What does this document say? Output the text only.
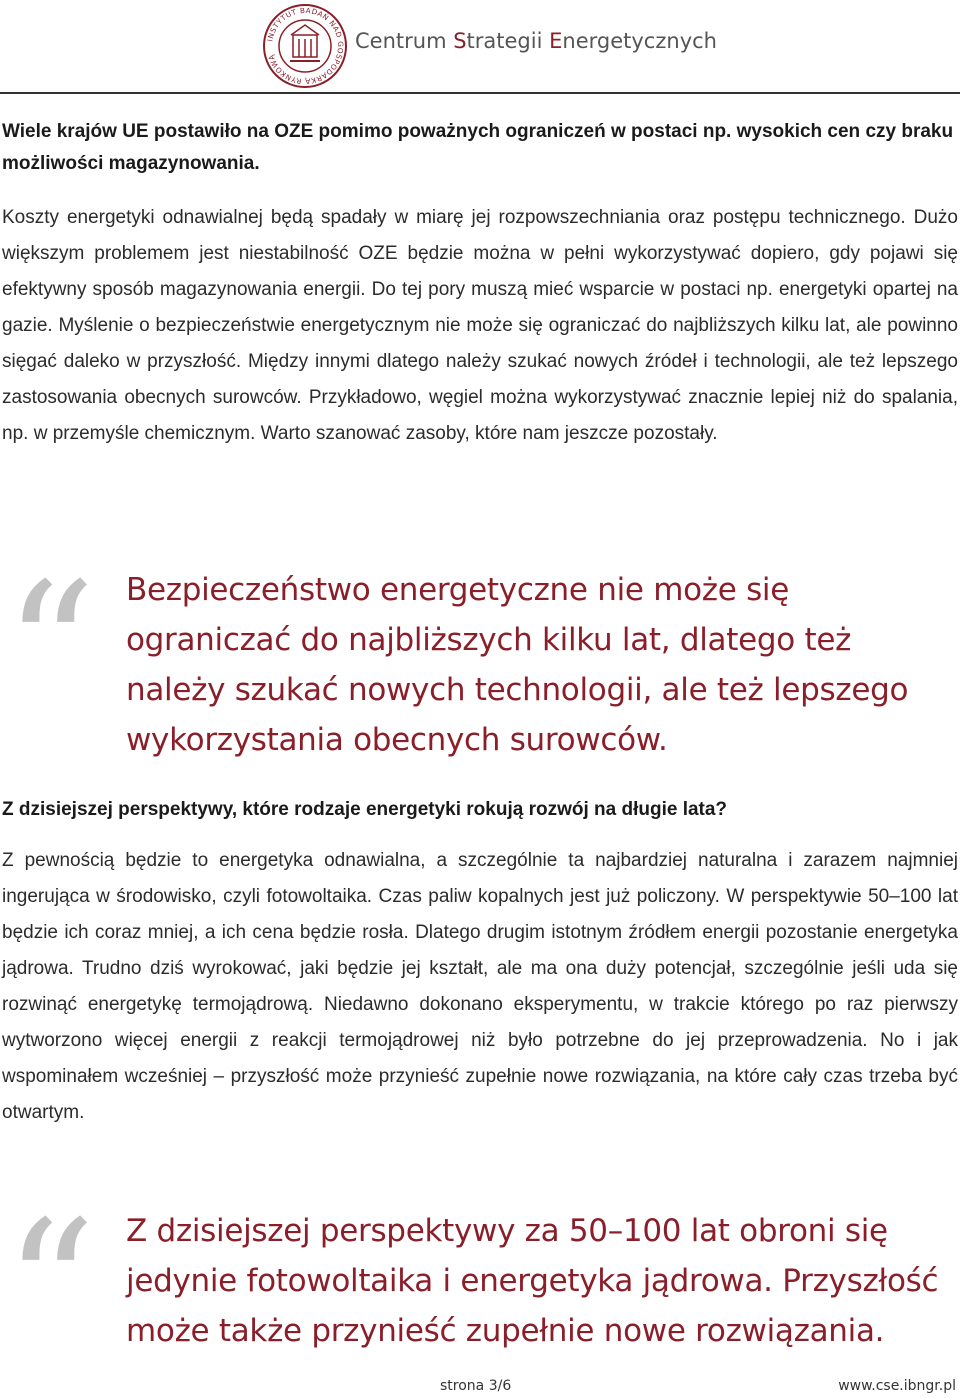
INSTYTUT BADAŃ NAD GOSPODARKĄ RYNKOWĄ
Centrum Strategii Energetycznych
Wiele krajów UE postawiło na OZE pomimo poważnych ograniczeń w postaci np. wysokich cen czy braku możliwości magazynowania.
Koszty energetyki odnawialnej będą spadały w miarę jej rozpowszechniania oraz postępu technicznego. Dużo większym problemem jest niestabilność OZE będzie można w pełni wykorzystywać dopiero, gdy pojawi się efektywny sposób magazynowania energii. Do tej pory muszą mieć wsparcie w postaci np. energetyki opartej na gazie. Myślenie o bezpieczeństwie energetycznym nie może się ograniczać do najbliższych kilku lat, ale powinno sięgać daleko w przyszłość. Między innymi dlatego należy szukać nowych źródeł i technologii, ale też lepszego zastosowania obecnych surowców. Przykładowo, węgiel można wykorzystywać znacznie lepiej niż do spalania, np. w przemyśle chemicznym. Warto szanować zasoby, które nam jeszcze pozostały.
“ Bezpieczeństwo energetyczne nie może się ograniczać do najbliższych kilku lat, dlatego też należy szukać nowych technologii, ale też lepszego wykorzystania obecnych surowców.
Z dzisiejszej perspektywy, które rodzaje energetyki rokują rozwój na długie lata?
Z pewnością będzie to energetyka odnawialna, a szczególnie ta najbardziej naturalna i zarazem najmniej ingerująca w środowisko, czyli fotowoltaika. Czas paliw kopalnych jest już policzony. W perspektywie 50–100 lat będzie ich coraz mniej, a ich cena będzie rosła. Dlatego drugim istotnym źródłem energii pozostanie energetyka jądrowa. Trudno dziś wyrokować, jaki będzie jej kształt, ale ma ona duży potencjał, szczególnie jeśli uda się rozwinąć energetykę termojądrową. Niedawno dokonano eksperymentu, w trakcie którego po raz pierwszy wytworzono więcej energii z reakcji termojądrowej niż było potrzebne do jej przeprowadzenia. No i jak wspominałem wcześniej – przyszłość może przynieść zupełnie nowe rozwiązania, na które cały czas trzeba być otwartym.
“ Z dzisiejszej perspektywy za 50–100 lat obroni się jedynie fotowoltaika i energetyka jądrowa. Przyszłość może także przynieść zupełnie nowe rozwiązania.
strona 3/6	www.cse.ibngr.pl
